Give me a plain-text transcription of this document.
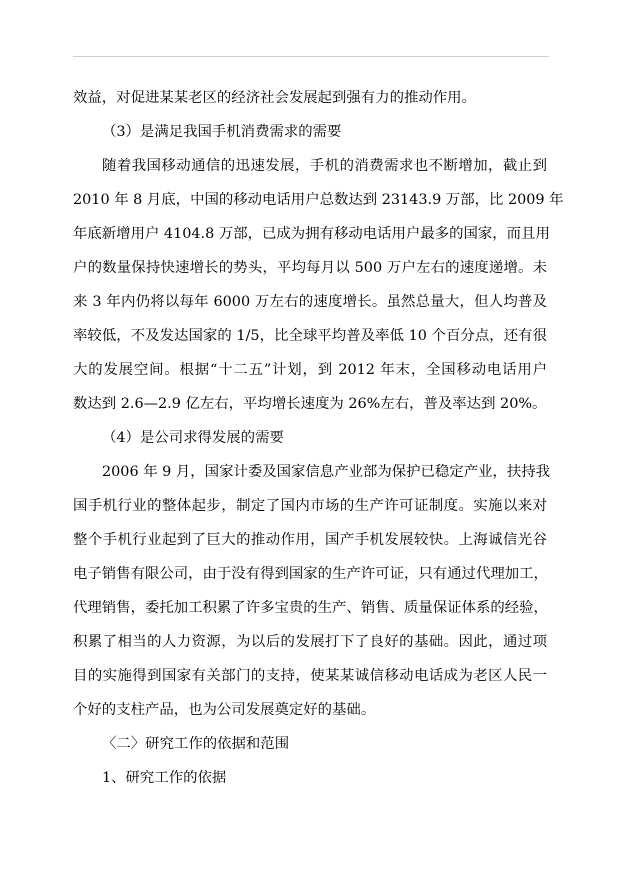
效益，对促进某某老区的经济社会发展起到强有力的推动作用。
（3）是满足我国手机消费需求的需要
随着我国移动通信的迅速发展，手机的消费需求也不断增加，截止到
2010 年 8 月底，中国的移动电话用户总数达到 23143.9 万部，比 2009 年
年底新增用户 4104.8 万部，已成为拥有移动电话用户最多的国家，而且用
户的数量保持快速增长的势头，平均每月以 500 万户左右的速度递增。未
来 3 年内仍将以每年 6000 万左右的速度增长。虽然总量大，但人均普及
率较低，不及发达国家的 1/5，比全球平均普及率低 10 个百分点，还有很
大的发展空间。根据“十二五”计划，到 2012 年末，全国移动电话用户
数达到 2.6—2.9 亿左右，平均增长速度为 26%左右，普及率达到 20%。
（4）是公司求得发展的需要
2006 年 9 月，国家计委及国家信息产业部为保护已稳定产业，扶持我
国手机行业的整体起步，制定了国内市场的生产许可证制度。实施以来对
整个手机行业起到了巨大的推动作用，国产手机发展较快。上海诚信光谷
电子销售有限公司，由于没有得到国家的生产许可证，只有通过代理加工，
代理销售，委托加工积累了许多宝贵的生产、销售、质量保证体系的经验，
积累了相当的人力资源，为以后的发展打下了良好的基础。因此，通过项
目的实施得到国家有关部门的支持，使某某诚信移动电话成为老区人民一
个好的支柱产品，也为公司发展奠定好的基础。
〈二〉研究工作的依据和范围
1、研究工作的依据
